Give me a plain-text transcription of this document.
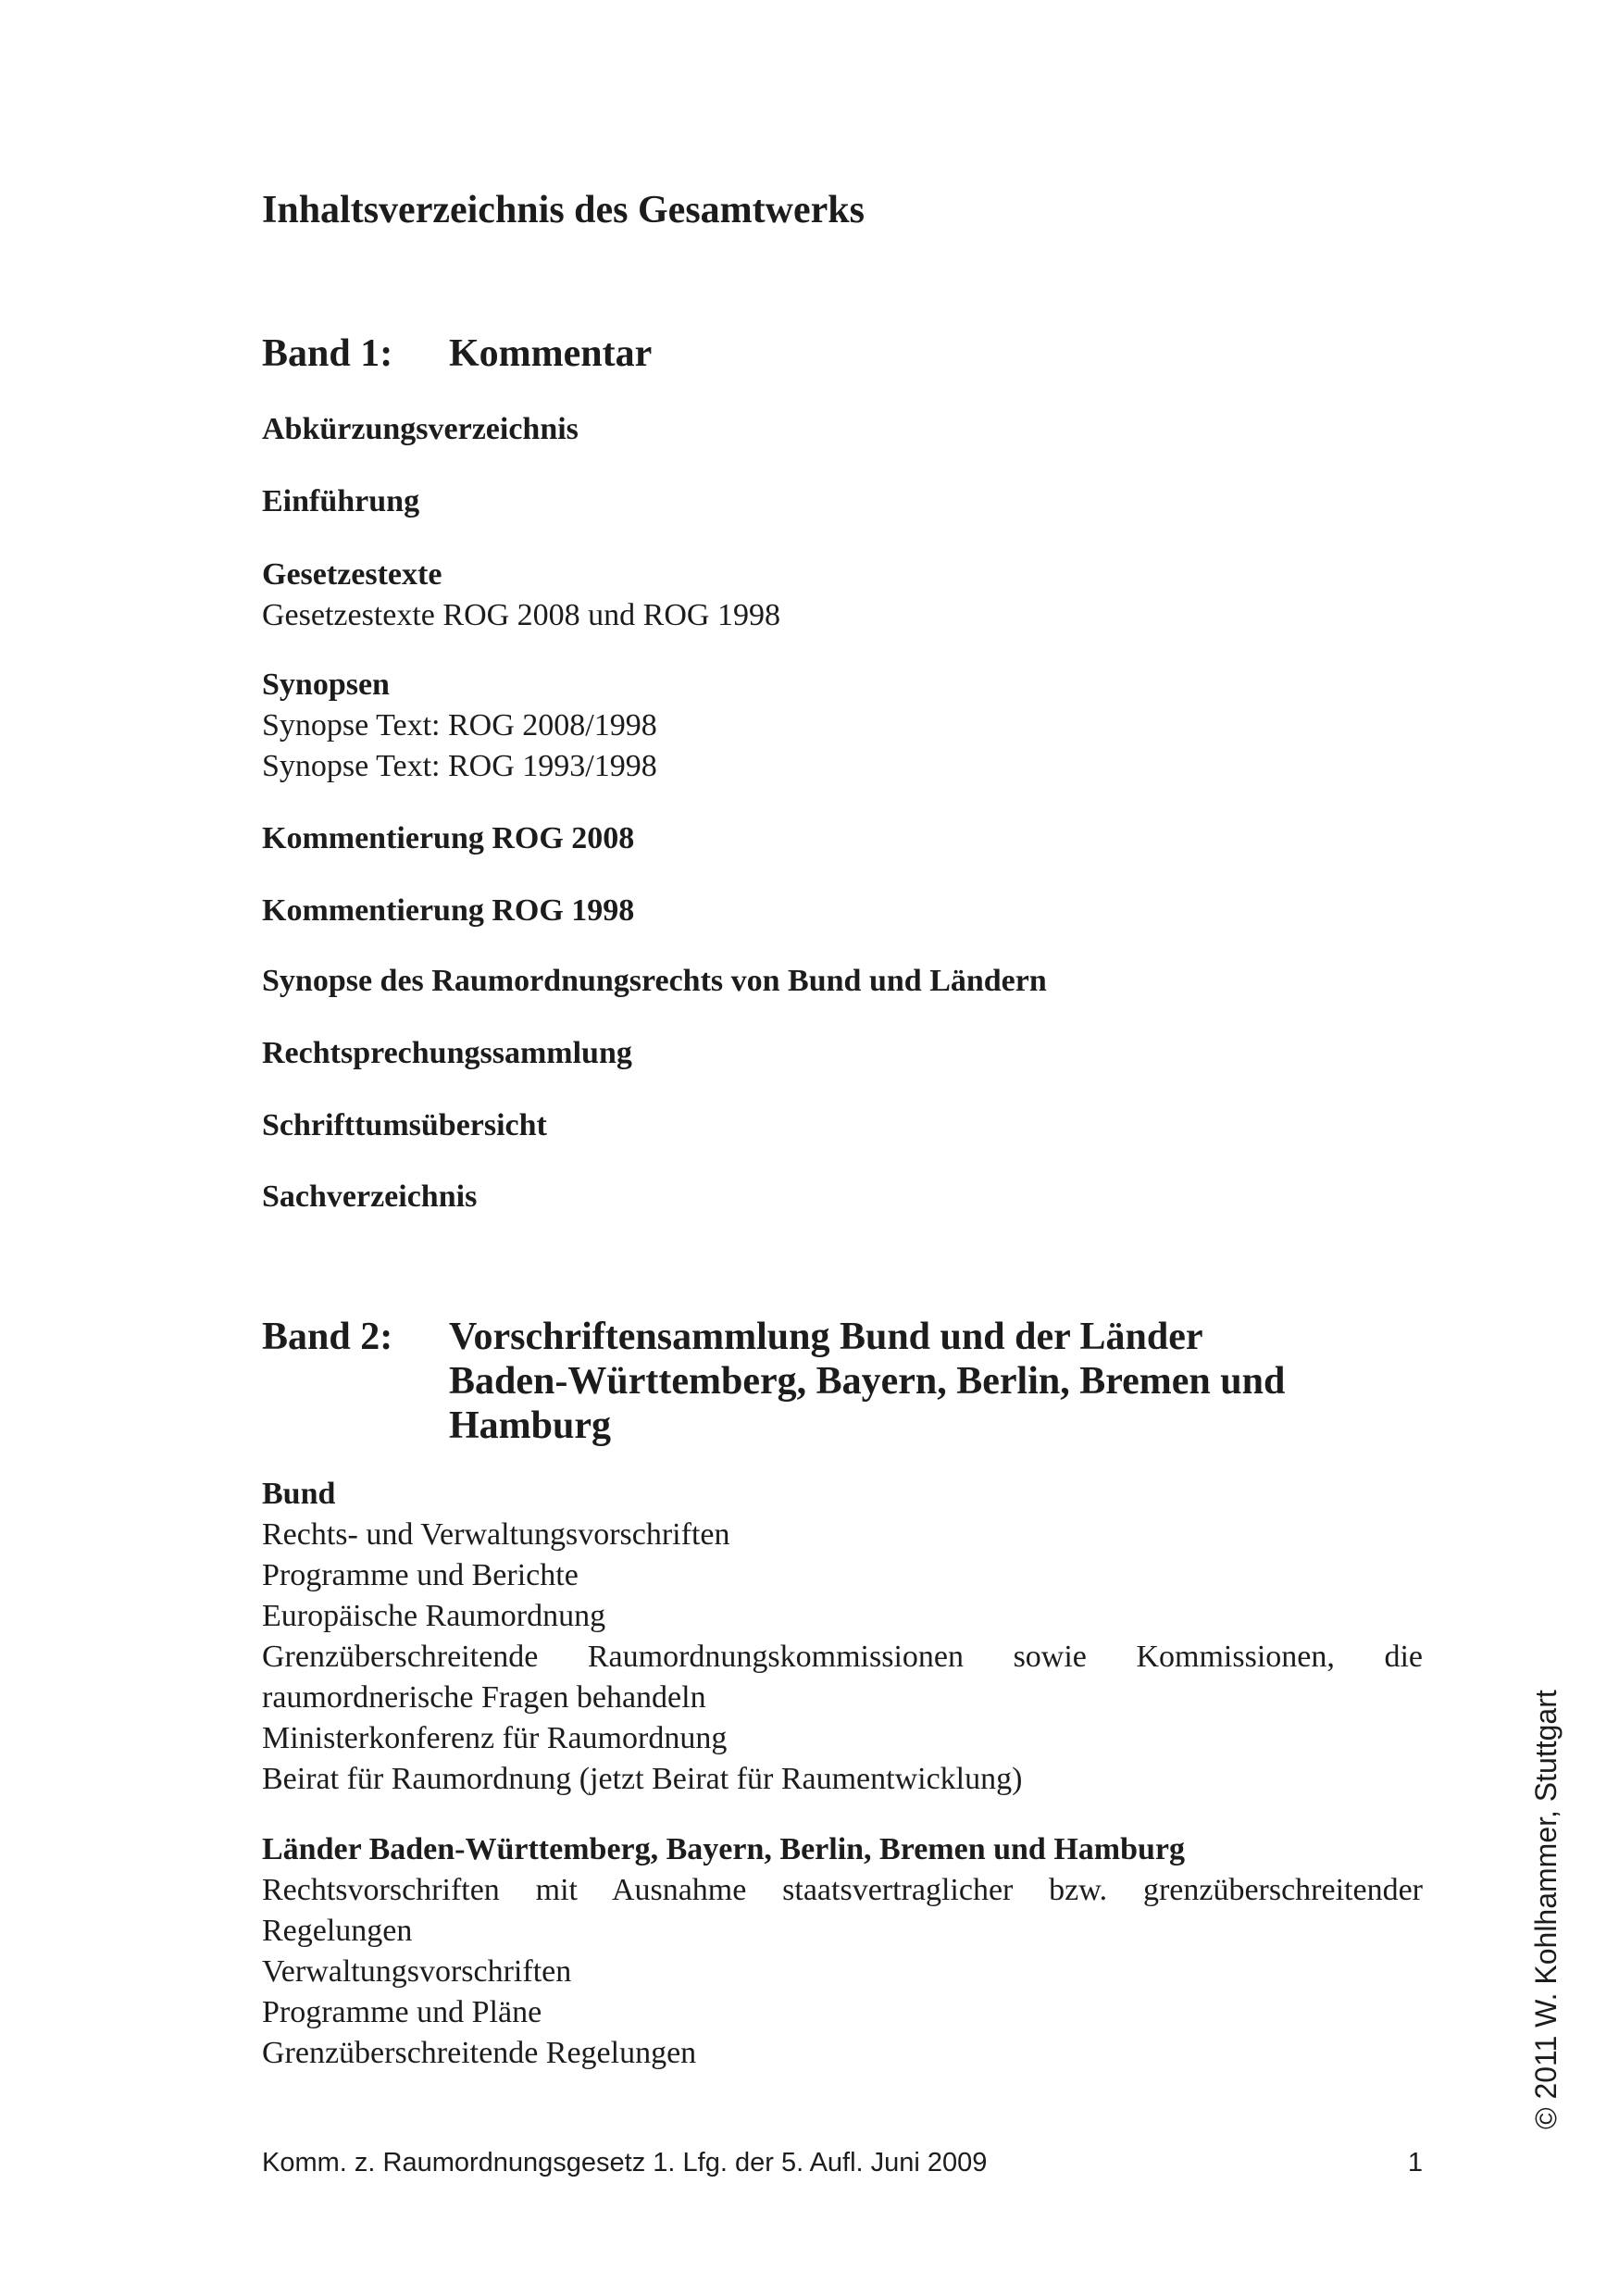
Inhaltsverzeichnis des Gesamtwerks
Band 1: Kommentar
Abkürzungsverzeichnis
Einführung
Gesetzestexte
Gesetzestexte ROG 2008 und ROG 1998
Synopsen
Synopse Text: ROG 2008/1998
Synopse Text: ROG 1993/1998
Kommentierung ROG 2008
Kommentierung ROG 1998
Synopse des Raumordnungsrechts von Bund und Ländern
Rechtsprechungssammlung
Schrifttumsübersicht
Sachverzeichnis
Band 2: Vorschriftensammlung Bund und der Länder
Baden-Württemberg, Bayern, Berlin, Bremen und
Hamburg
Bund
Rechts- und Verwaltungsvorschriften
Programme und Berichte
Europäische Raumordnung
Grenzüberschreitende Raumordnungskommissionen sowie Kommissionen, die raumordnerische Fragen behandeln
Ministerkonferenz für Raumordnung
Beirat für Raumordnung (jetzt Beirat für Raumentwicklung)
Länder Baden-Württemberg, Bayern, Berlin, Bremen und Hamburg
Rechtsvorschriften mit Ausnahme staatsvertraglicher bzw. grenzüberschreitender Regelungen
Verwaltungsvorschriften
Programme und Pläne
Grenzüberschreitende Regelungen	© 2011 W. Kohlhammer, Stuttgart
Komm. z. Raumordnungsgesetz 1. Lfg. der 5. Aufl. Juni 2009	1
